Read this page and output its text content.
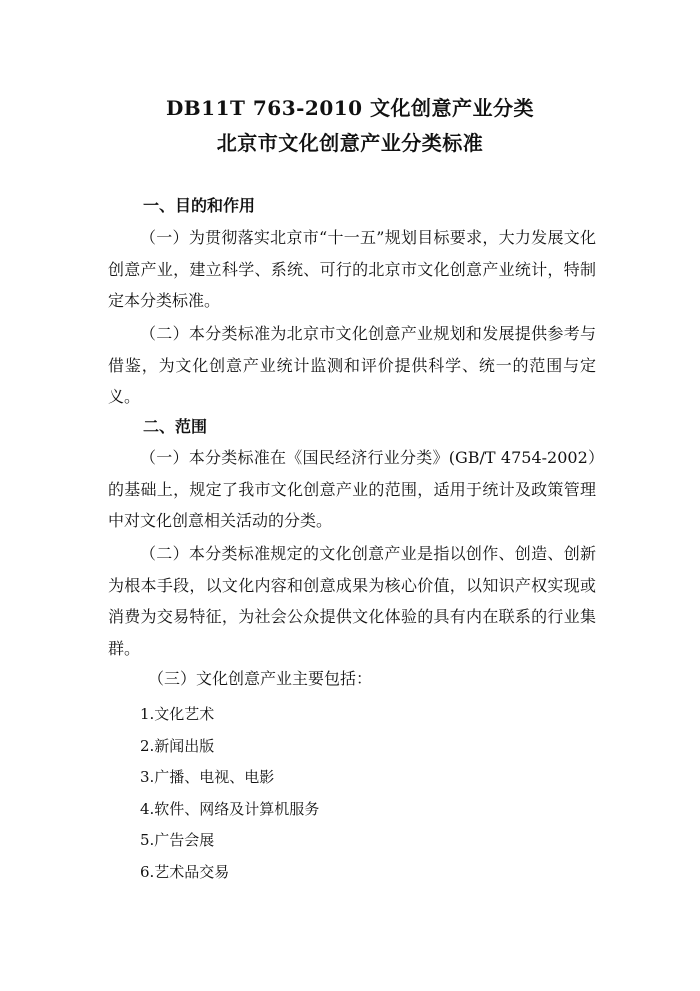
DB11T 763-2010 文化创意产业分类
北京市文化创意产业分类标准
一、目的和作用
（一）为贯彻落实北京市“十一五”规划目标要求，大力发展文化创意产业，建立科学、系统、可行的北京市文化创意产业统计，特制定本分类标准。
（二）本分类标准为北京市文化创意产业规划和发展提供参考与借鉴，为文化创意产业统计监测和评价提供科学、统一的范围与定义。
二、范围
（一）本分类标准在《国民经济行业分类》(GB/T 4754-2002）的基础上，规定了我市文化创意产业的范围，适用于统计及政策管理中对文化创意相关活动的分类。
（二）本分类标准规定的文化创意产业是指以创作、创造、创新为根本手段，以文化内容和创意成果为核心价值，以知识产权实现或消费为交易特征，为社会公众提供文化体验的具有内在联系的行业集群。
（三）文化创意产业主要包括：
1.文化艺术
2.新闻出版
3.广播、电视、电影
4.软件、网络及计算机服务
5.广告会展
6.艺术品交易
